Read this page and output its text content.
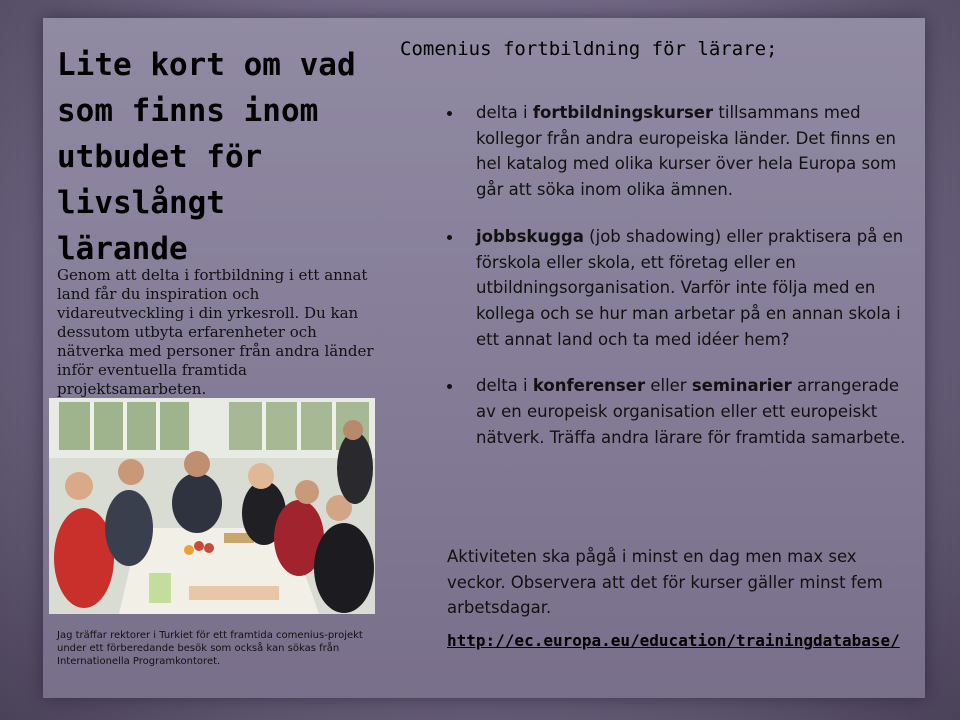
Lite kort om vad som finns inom utbudet för livslångt lärande
Genom att delta i fortbildning i ett annat land får du inspiration och vidareutveckling i din yrkesroll. Du kan dessutom utbyta erfarenheter och nätverka med personer från andra länder inför eventuella framtida projektsamarbeten.
Jag träffar rektorer i Turkiet för ett framtida comenius-projekt under ett förberedande besök som också kan sökas från Internationella Programkontoret.
Comenius fortbildning för lärare;
delta i fortbildningskurser tillsammans med kollegor från andra europeiska länder. Det finns en hel katalog med olika kurser över hela Europa som går att söka inom olika ämnen.
jobbskugga (job shadowing) eller praktisera på en förskola eller skola, ett företag eller en utbildningsorganisation. Varför inte följa med en kollega och se hur man arbetar på en annan skola i ett annat land och ta med idéer hem?
delta i konferenser eller seminarier arrangerade av en europeisk organisation eller ett europeiskt nätverk. Träffa andra lärare för framtida samarbete.
Aktiviteten ska pågå i minst en dag men max sex veckor. Observera att det för kurser gäller minst fem arbetsdagar.
http://ec.europa.eu/education/trainingdatabase/
